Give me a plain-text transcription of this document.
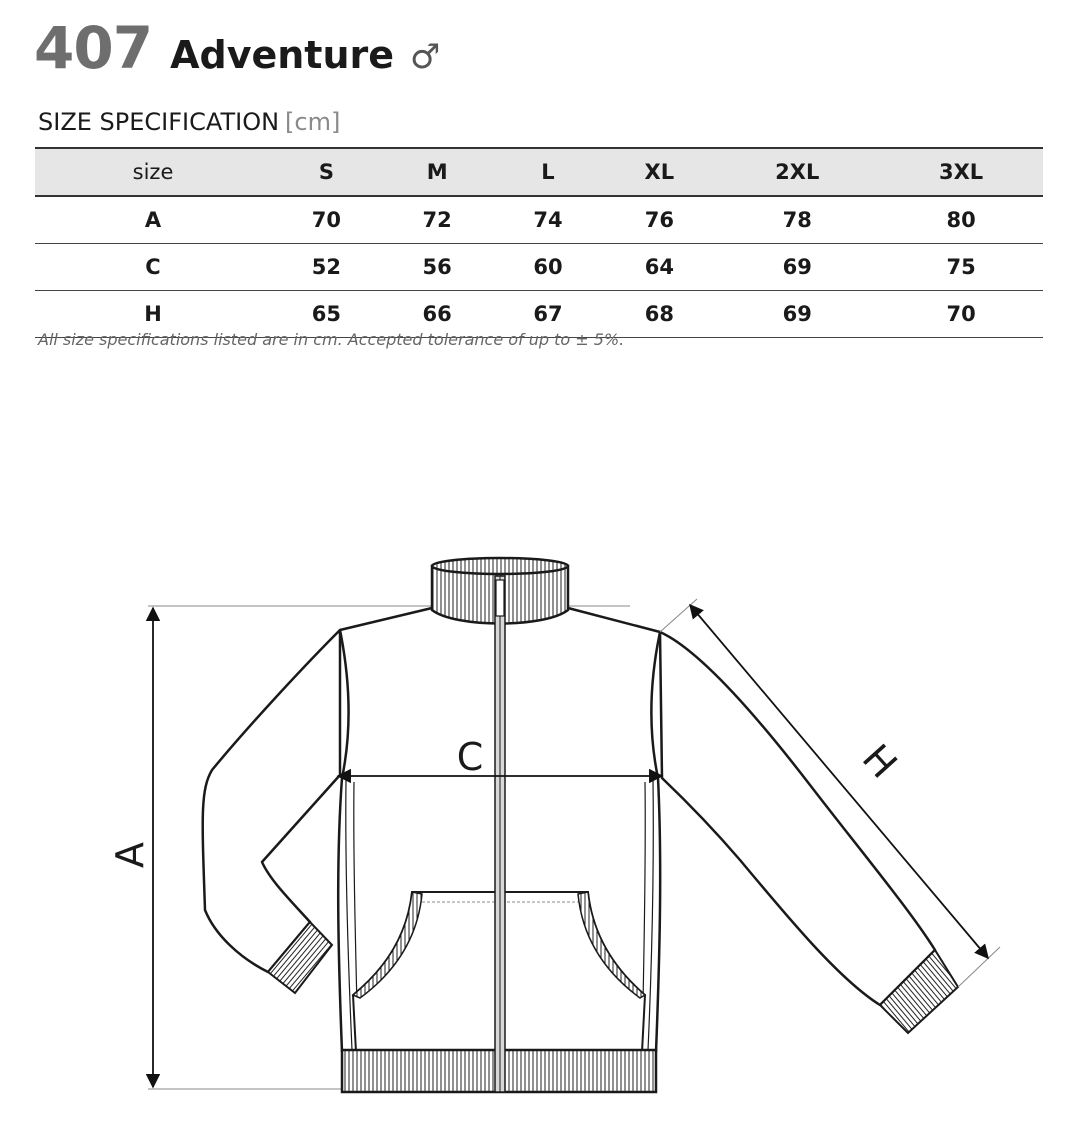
407 Adventure ♂
SIZE SPECIFICATION [cm]
size	S	M	L	XL	2XL	3XL
A	70	72	74	76	78	80
C	52	56	60	64	69	75
H	65	66	67	68	69	70
All size specifications listed are in cm. Accepted tolerance of up to ± 5%.
A
C	H
